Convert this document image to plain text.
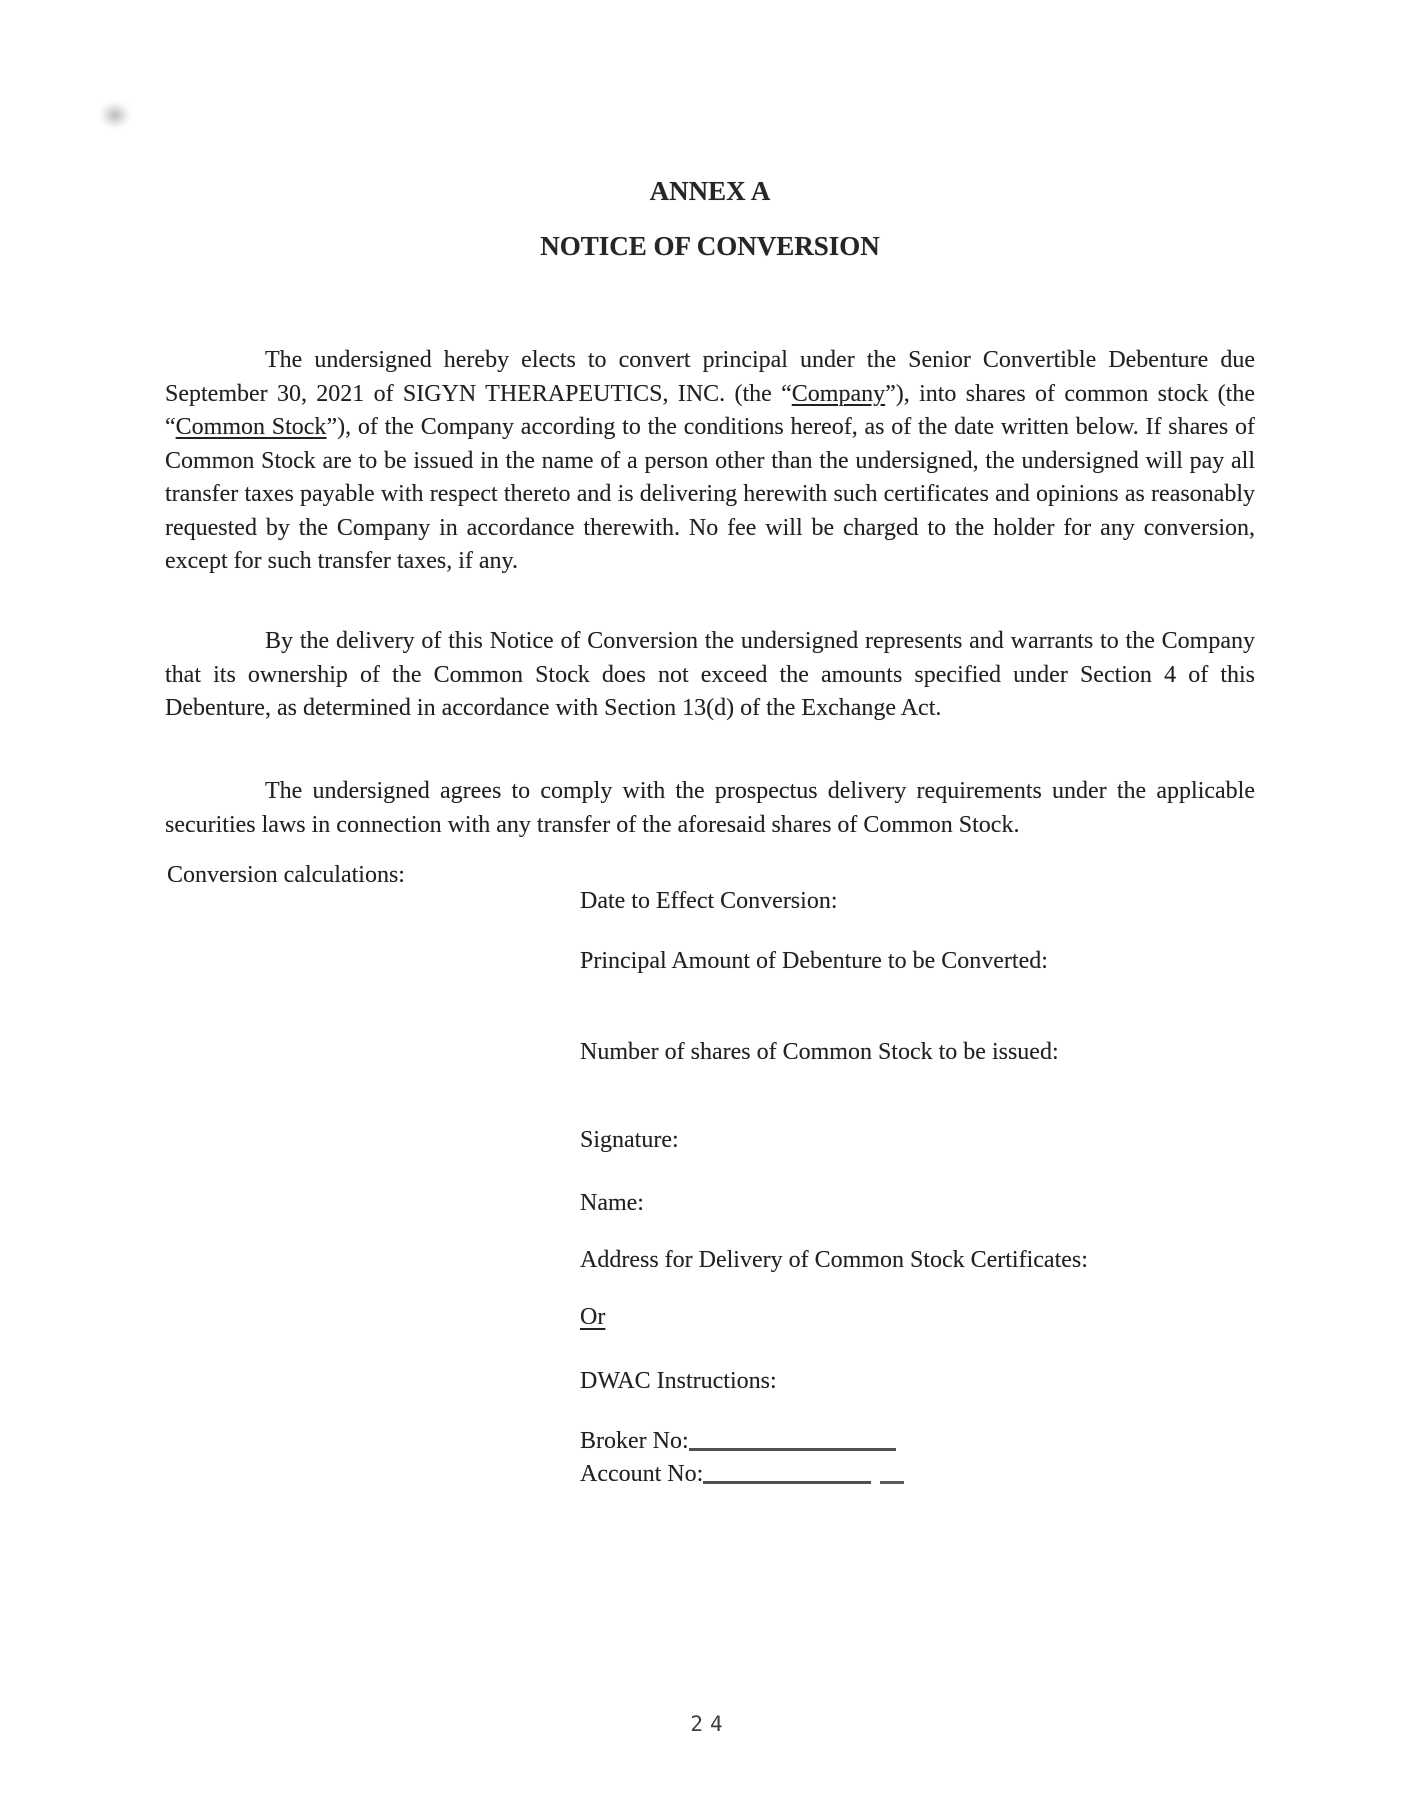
ANNEX A
NOTICE OF CONVERSION

The undersigned hereby elects to convert principal under the Senior Convertible Debenture due September 30, 2021 of SIGYN THERAPEUTICS, INC. (the “Company”), into shares of common stock (the “Common Stock”), of the Company according to the conditions hereof, as of the date written below. If shares of Common Stock are to be issued in the name of a person other than the undersigned, the undersigned will pay all transfer taxes payable with respect thereto and is delivering herewith such certificates and opinions as reasonably requested by the Company in accordance therewith. No fee will be charged to the holder for any conversion, except for such transfer taxes, if any.

By the delivery of this Notice of Conversion the undersigned represents and warrants to the Company that its ownership of the Common Stock does not exceed the amounts specified under Section 4 of this Debenture, as determined in accordance with Section 13(d) of the Exchange Act.

The undersigned agrees to comply with the prospectus delivery requirements under the applicable securities laws in connection with any transfer of the aforesaid shares of Common Stock.

Conversion calculations:
Date to Effect Conversion:
Principal Amount of Debenture to be Converted:
Number of shares of Common Stock to be issued:
Signature:
Name:
Address for Delivery of Common Stock Certificates:
Or
DWAC Instructions:
Broker No:
Account No:
24
